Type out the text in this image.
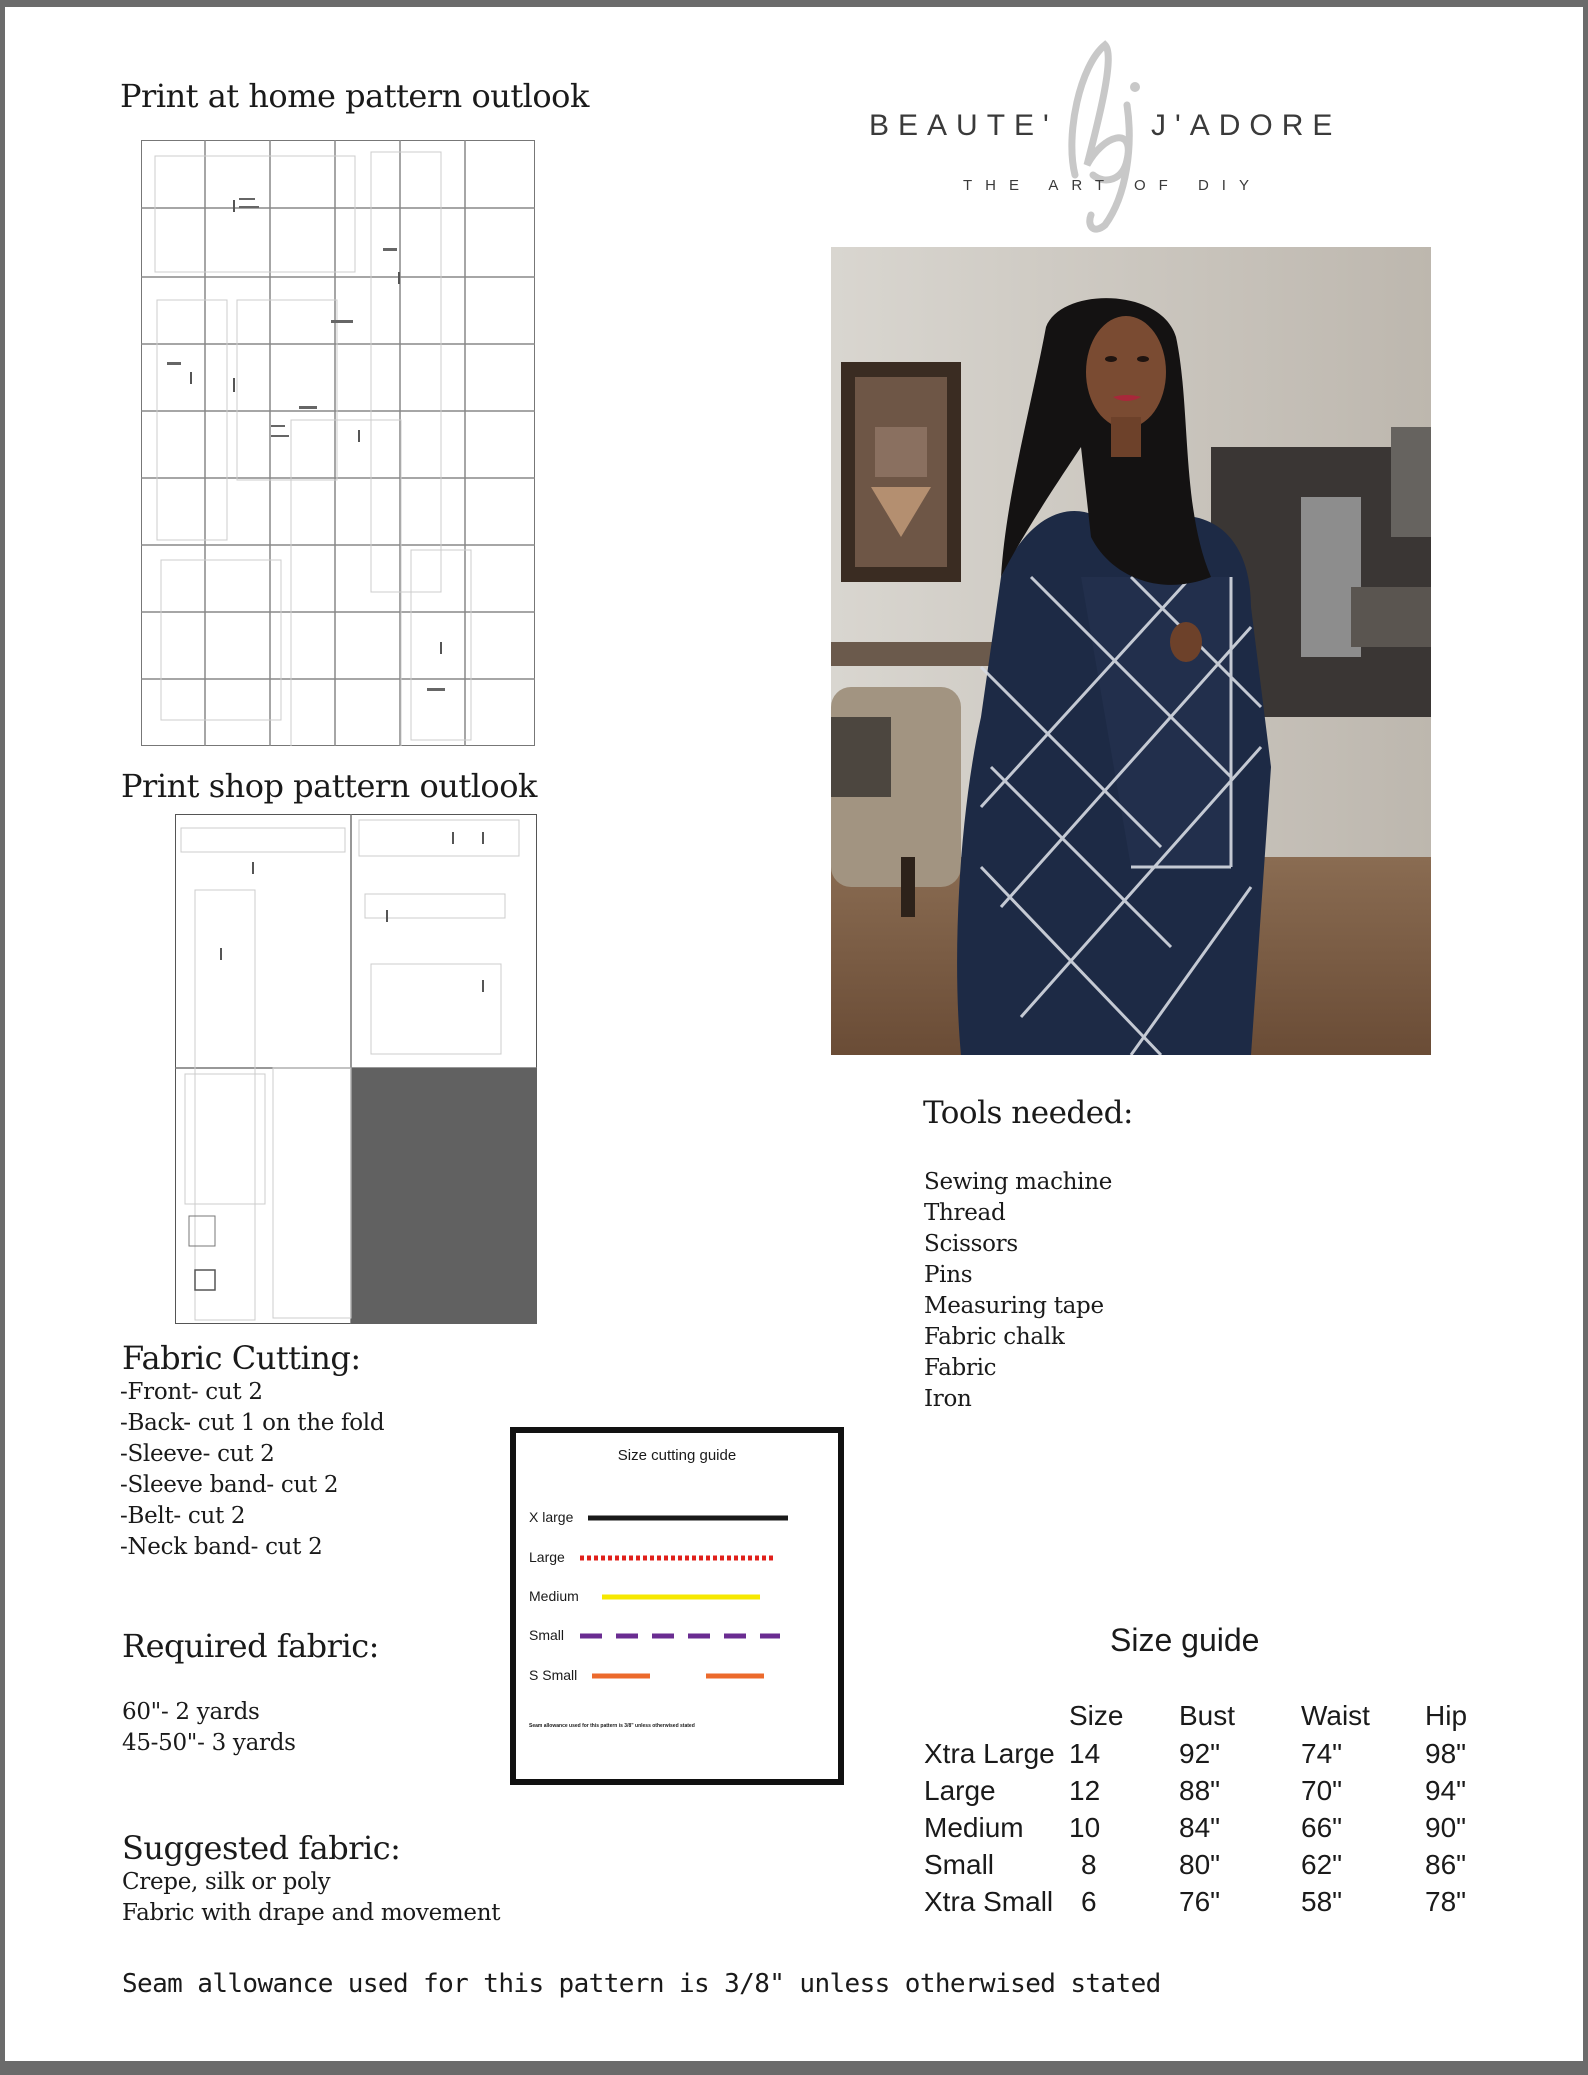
Print at home pattern outlook
Print shop pattern outlook
BEAUTE'	J'ADORE
THE ART OF DIY
Tools needed:
Sewing machine
Thread
Scissors
Pins
Measuring tape
Fabric chalk
Fabric
Iron
Fabric Cutting:
-Front- cut 2
-Back- cut 1 on the fold
-Sleeve- cut 2
-Sleeve band- cut 2
-Belt- cut 2
-Neck band- cut 2
Required fabric:
60"- 2 yards
45-50"- 3 yards
Suggested fabric:
Crepe, silk or poly
Fabric with drape and movement
Size cutting guide
X large
Large
Medium
Small
S Small
Seam allowance used for this pattern is 3/8" unless otherwised stated
Size guide
	Size	Bust	Waist	Hip
Xtra Large	14	92"	74"	98"
Large	12	88"	70"	94"
Medium	10	84"	66"	90"
Small	8	80"	62"	86"
Xtra Small	6	76"	58"	78"
Seam allowance used for this pattern is 3/8" unless otherwised stated
